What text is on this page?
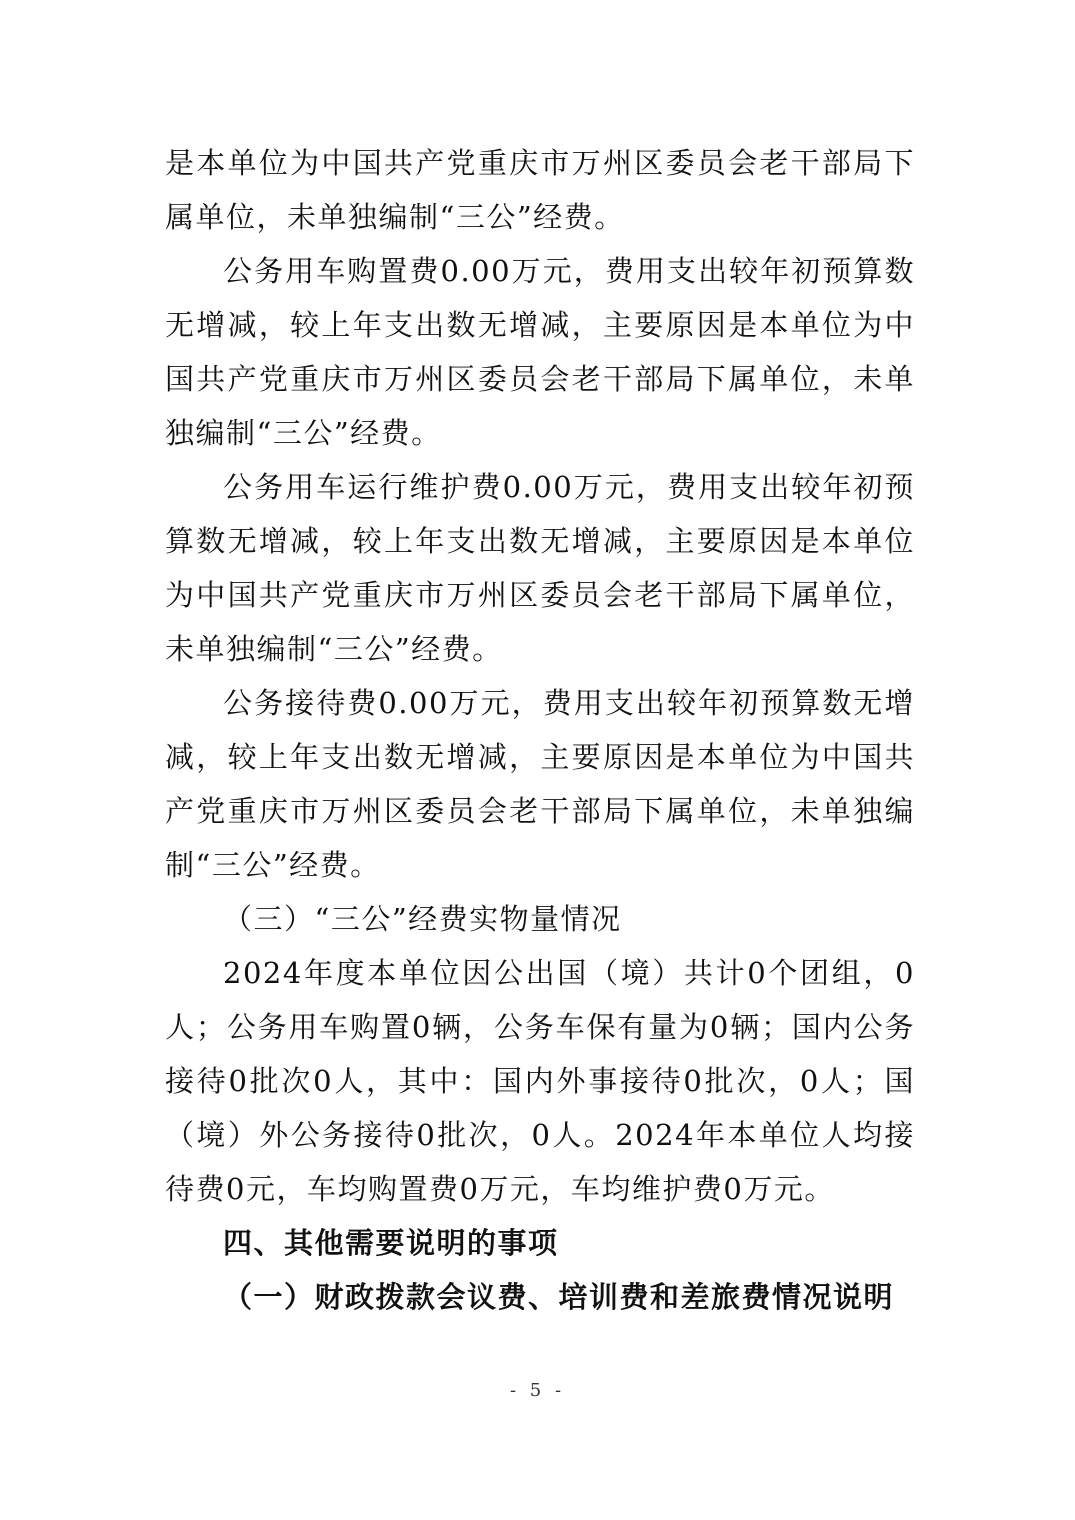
是本单位为中国共产党重庆市万州区委员会老干部局下属单位，未单独编制“三公”经费。

公务用车购置费0.00万元，费用支出较年初预算数无增减，较上年支出数无增减，主要原因是本单位为中国共产党重庆市万州区委员会老干部局下属单位，未单独编制“三公”经费。

公务用车运行维护费0.00万元，费用支出较年初预算数无增减，较上年支出数无增减，主要原因是本单位为中国共产党重庆市万州区委员会老干部局下属单位，未单独编制“三公”经费。

公务接待费0.00万元，费用支出较年初预算数无增减，较上年支出数无增减，主要原因是本单位为中国共产党重庆市万州区委员会老干部局下属单位，未单独编制“三公”经费。

（三）“三公”经费实物量情况

2024年度本单位因公出国（境）共计0个团组，0人；公务用车购置0辆，公务车保有量为0辆；国内公务接待0批次0人，其中：国内外事接待0批次，0人；国（境）外公务接待0批次，0人。2024年本单位人均接待费0元，车均购置费0万元，车均维护费0万元。

四、其他需要说明的事项

（一）财政拨款会议费、培训费和差旅费情况说明

- 5 -
